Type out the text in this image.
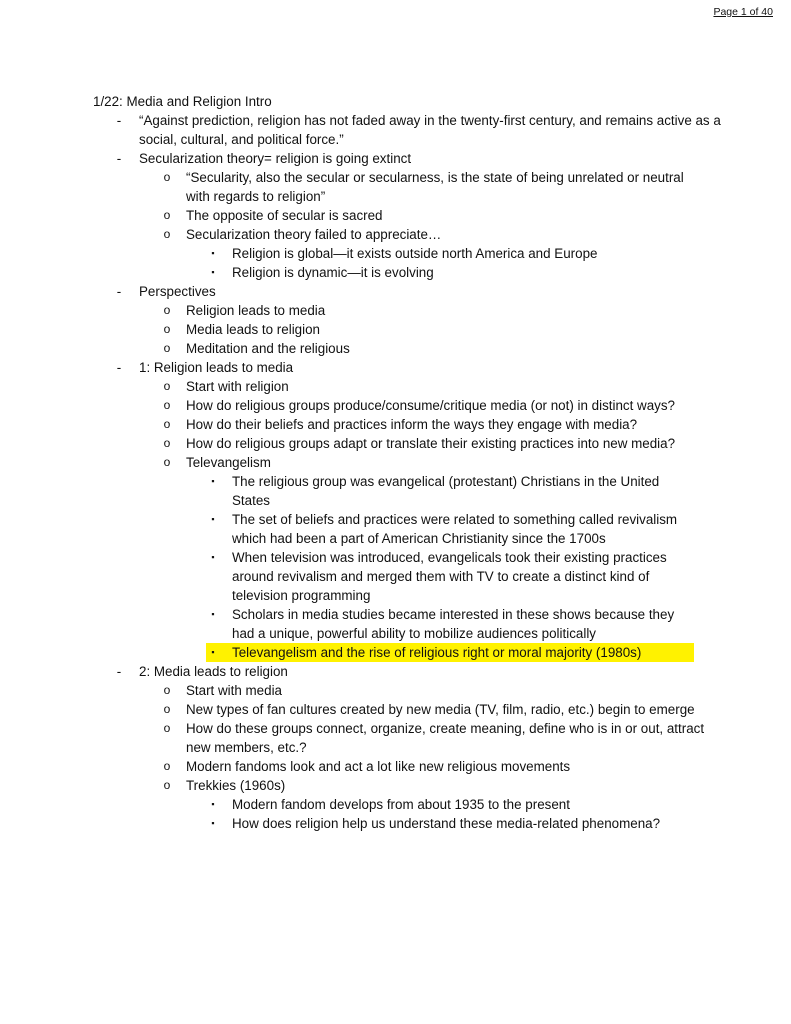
Page 1 of 40
1/22: Media and Religion Intro
-	“Against prediction, religion has not faded away in the twenty-first century, and remains active as a social, cultural, and political force.”
-	Secularization theory= religion is going extinct
o “Secularity, also the secular or secularness, is the state of being unrelated or neutral with regards to religion”
o The opposite of secular is sacred
o Secularization theory failed to appreciate…
▪	Religion is global—it exists outside north America and Europe
▪	Religion is dynamic—it is evolving
-	Perspectives
o Religion leads to media
o Media leads to religion
o Meditation and the religious
-	1: Religion leads to media
o Start with religion
o How do religious groups produce/consume/critique media (or not) in distinct ways?
o How do their beliefs and practices inform the ways they engage with media?
o How do religious groups adapt or translate their existing practices into new media?
o Televangelism
▪	The religious group was evangelical (protestant) Christians in the United States
▪	The set of beliefs and practices were related to something called revivalism which had been a part of American Christianity since the 1700s
▪	When television was introduced, evangelicals took their existing practices around revivalism and merged them with TV to create a distinct kind of television programming
▪	Scholars in media studies became interested in these shows because they had a unique, powerful ability to mobilize audiences politically
▪	Televangelism and the rise of religious right or moral majority (1980s)
-	2: Media leads to religion
o Start with media
o New types of fan cultures created by new media (TV, film, radio, etc.) begin to emerge
o How do these groups connect, organize, create meaning, define who is in or out, attract new members, etc.?
o Modern fandoms look and act a lot like new religious movements
o Trekkies (1960s)
▪	Modern fandom develops from about 1935 to the present
▪	How does religion help us understand these media-related phenomena?
